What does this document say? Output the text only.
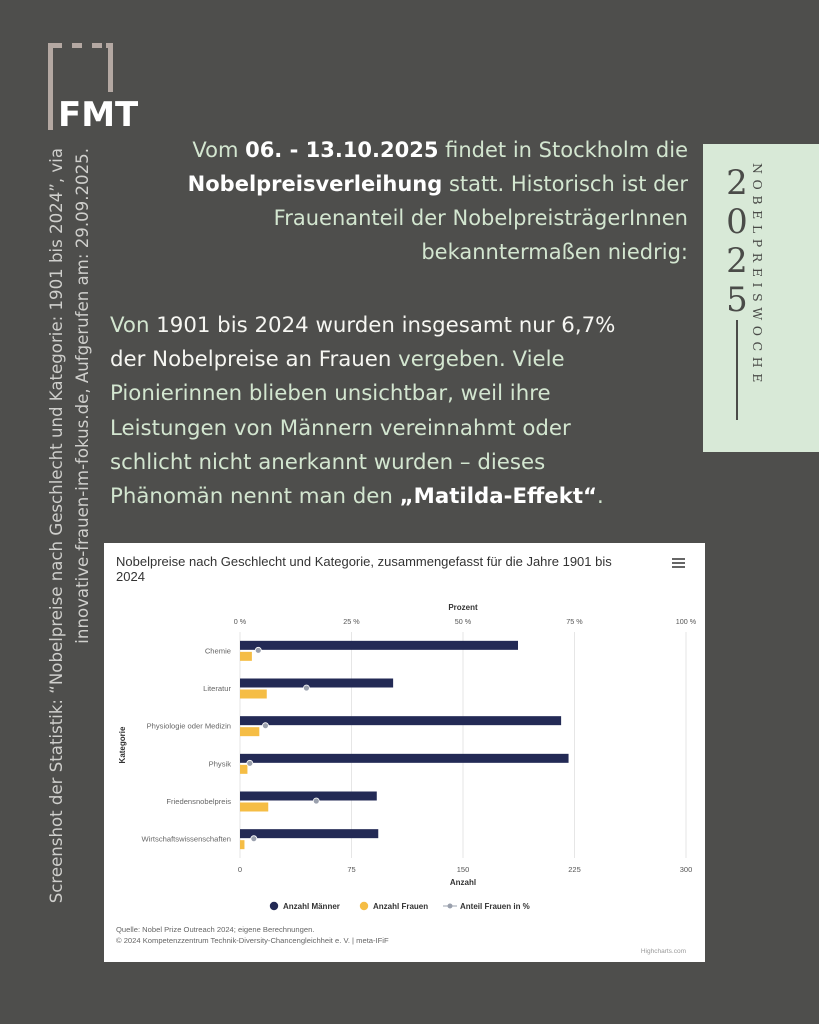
FMT
Screenshot der Statistik: “Nobelpreise nach Geschlecht und Kategorie: 1901 bis 2024”, via innovative-frauen-im-fokus.de, Aufgerufen am: 29.09.2025.	Vom 06. - 13.10.2025 findet in Stockholm die
Nobelpreisverleihung statt. Historisch ist der
Frauenanteil der NobelpreisträgerInnen
bekanntermaßen niedrig:
Von 1901 bis 2024 wurden insgesamt nur 6,7%
der Nobelpreise an Frauen vergeben. Viele
Pionierinnen blieben unsichtbar, weil ihre
Leistungen von Männern vereinnahmt oder
schlicht nicht anerkannt wurden – dieses
Phänomän nennt man den „Matilda-Effekt“.
2
0
2
5 NOBELPREISWOCHE
Nobelpreise nach Geschlecht und Kategorie, zusammengefasst für die Jahre 1901 bis 2024
Prozent
0 %	25 %	50 %	75 %	100 %
0	75	150	225	300
Anzahl
Kategorie
Chemie
Literatur
Physiologie oder Medizin
Physik
Friedensnobelpreis
Wirtschaftswissenschaften
Anzahl Männer	Anzahl Frauen	Anteil Frauen in %
Quelle: Nobel Prize Outreach 2024; eigene Berechnungen.
© 2024 Kompetenzzentrum Technik-Diversity-Chancengleichheit e. V. | meta-IFiF
Highcharts.com
